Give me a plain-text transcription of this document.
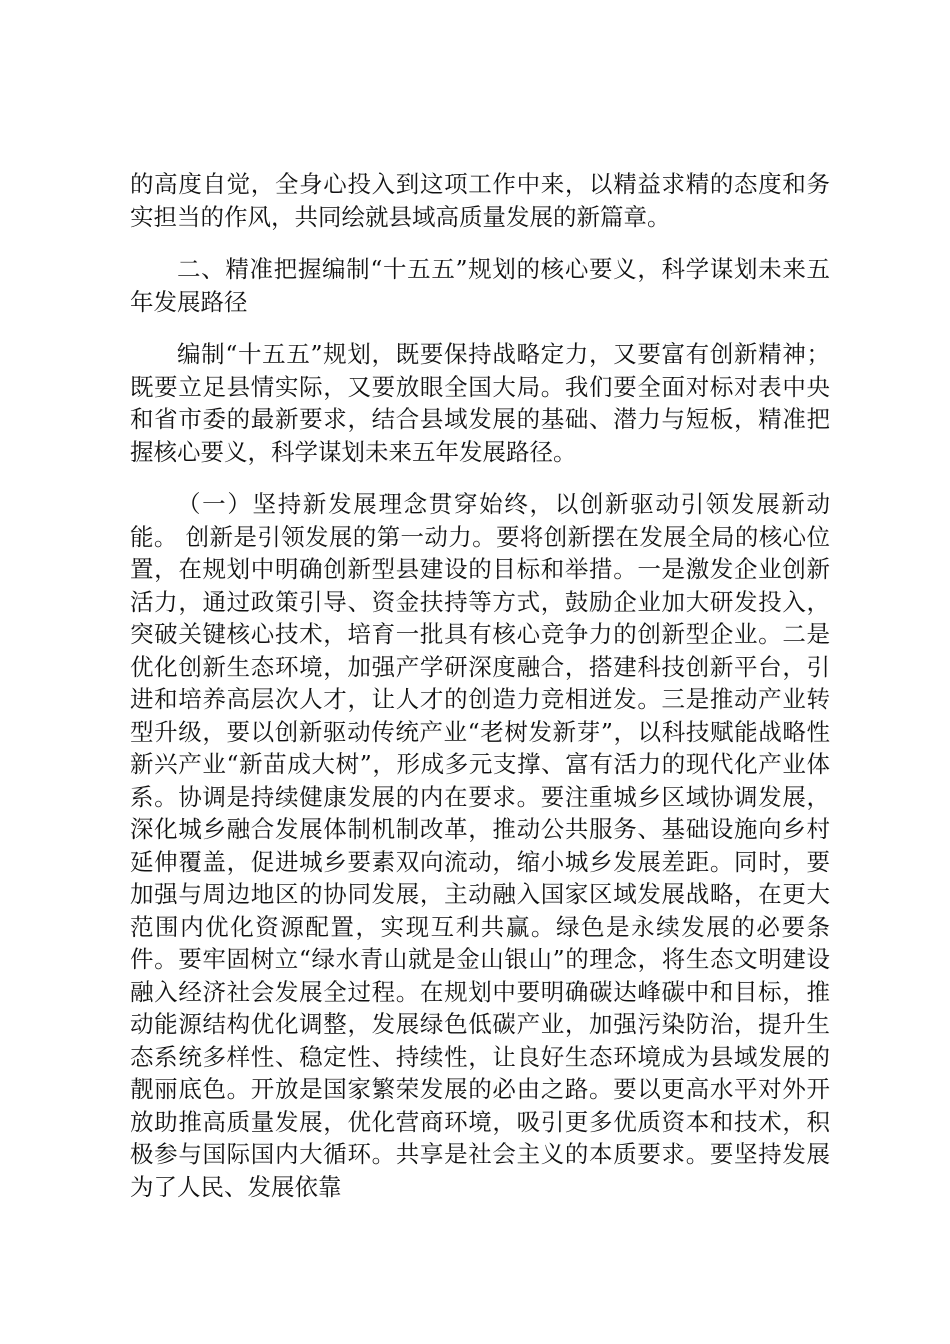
的高度自觉，全身心投入到这项工作中来，以精益求精的态度和务实担当的作风，共同绘就县域高质量发展的新篇章。

二、精准把握编制“十五五”规划的核心要义，科学谋划未来五年发展路径

编制“十五五”规划，既要保持战略定力，又要富有创新精神；既要立足县情实际，又要放眼全国大局。我们要全面对标对表中央和省市委的最新要求，结合县域发展的基础、潜力与短板，精准把握核心要义，科学谋划未来五年发展路径。

（一）坚持新发展理念贯穿始终，以创新驱动引领发展新动能。 创新是引领发展的第一动力。要将创新摆在发展全局的核心位置，在规划中明确创新型县建设的目标和举措。一是激发企业创新活力，通过政策引导、资金扶持等方式，鼓励企业加大研发投入，突破关键核心技术，培育一批具有核心竞争力的创新型企业。二是优化创新生态环境，加强产学研深度融合，搭建科技创新平台，引进和培养高层次人才，让人才的创造力竞相迸发。三是推动产业转型升级，要以创新驱动传统产业“老树发新芽”，以科技赋能战略性新兴产业“新苗成大树”，形成多元支撑、富有活力的现代化产业体系。协调是持续健康发展的内在要求。要注重城乡区域协调发展，深化城乡融合发展体制机制改革，推动公共服务、基础设施向乡村延伸覆盖，促进城乡要素双向流动，缩小城乡发展差距。同时，要加强与周边地区的协同发展，主动融入国家区域发展战略，在更大范围内优化资源配置，实现互利共赢。绿色是永续发展的必要条件。要牢固树立“绿水青山就是金山银山”的理念，将生态文明建设融入经济社会发展全过程。在规划中要明确碳达峰碳中和目标，推动能源结构优化调整，发展绿色低碳产业，加强污染防治，提升生态系统多样性、稳定性、持续性，让良好生态环境成为县域发展的靓丽底色。开放是国家繁荣发展的必由之路。要以更高水平对外开放助推高质量发展，优化营商环境，吸引更多优质资本和技术，积极参与国际国内大循环。共享是社会主义的本质要求。要坚持发展为了人民、发展依靠
